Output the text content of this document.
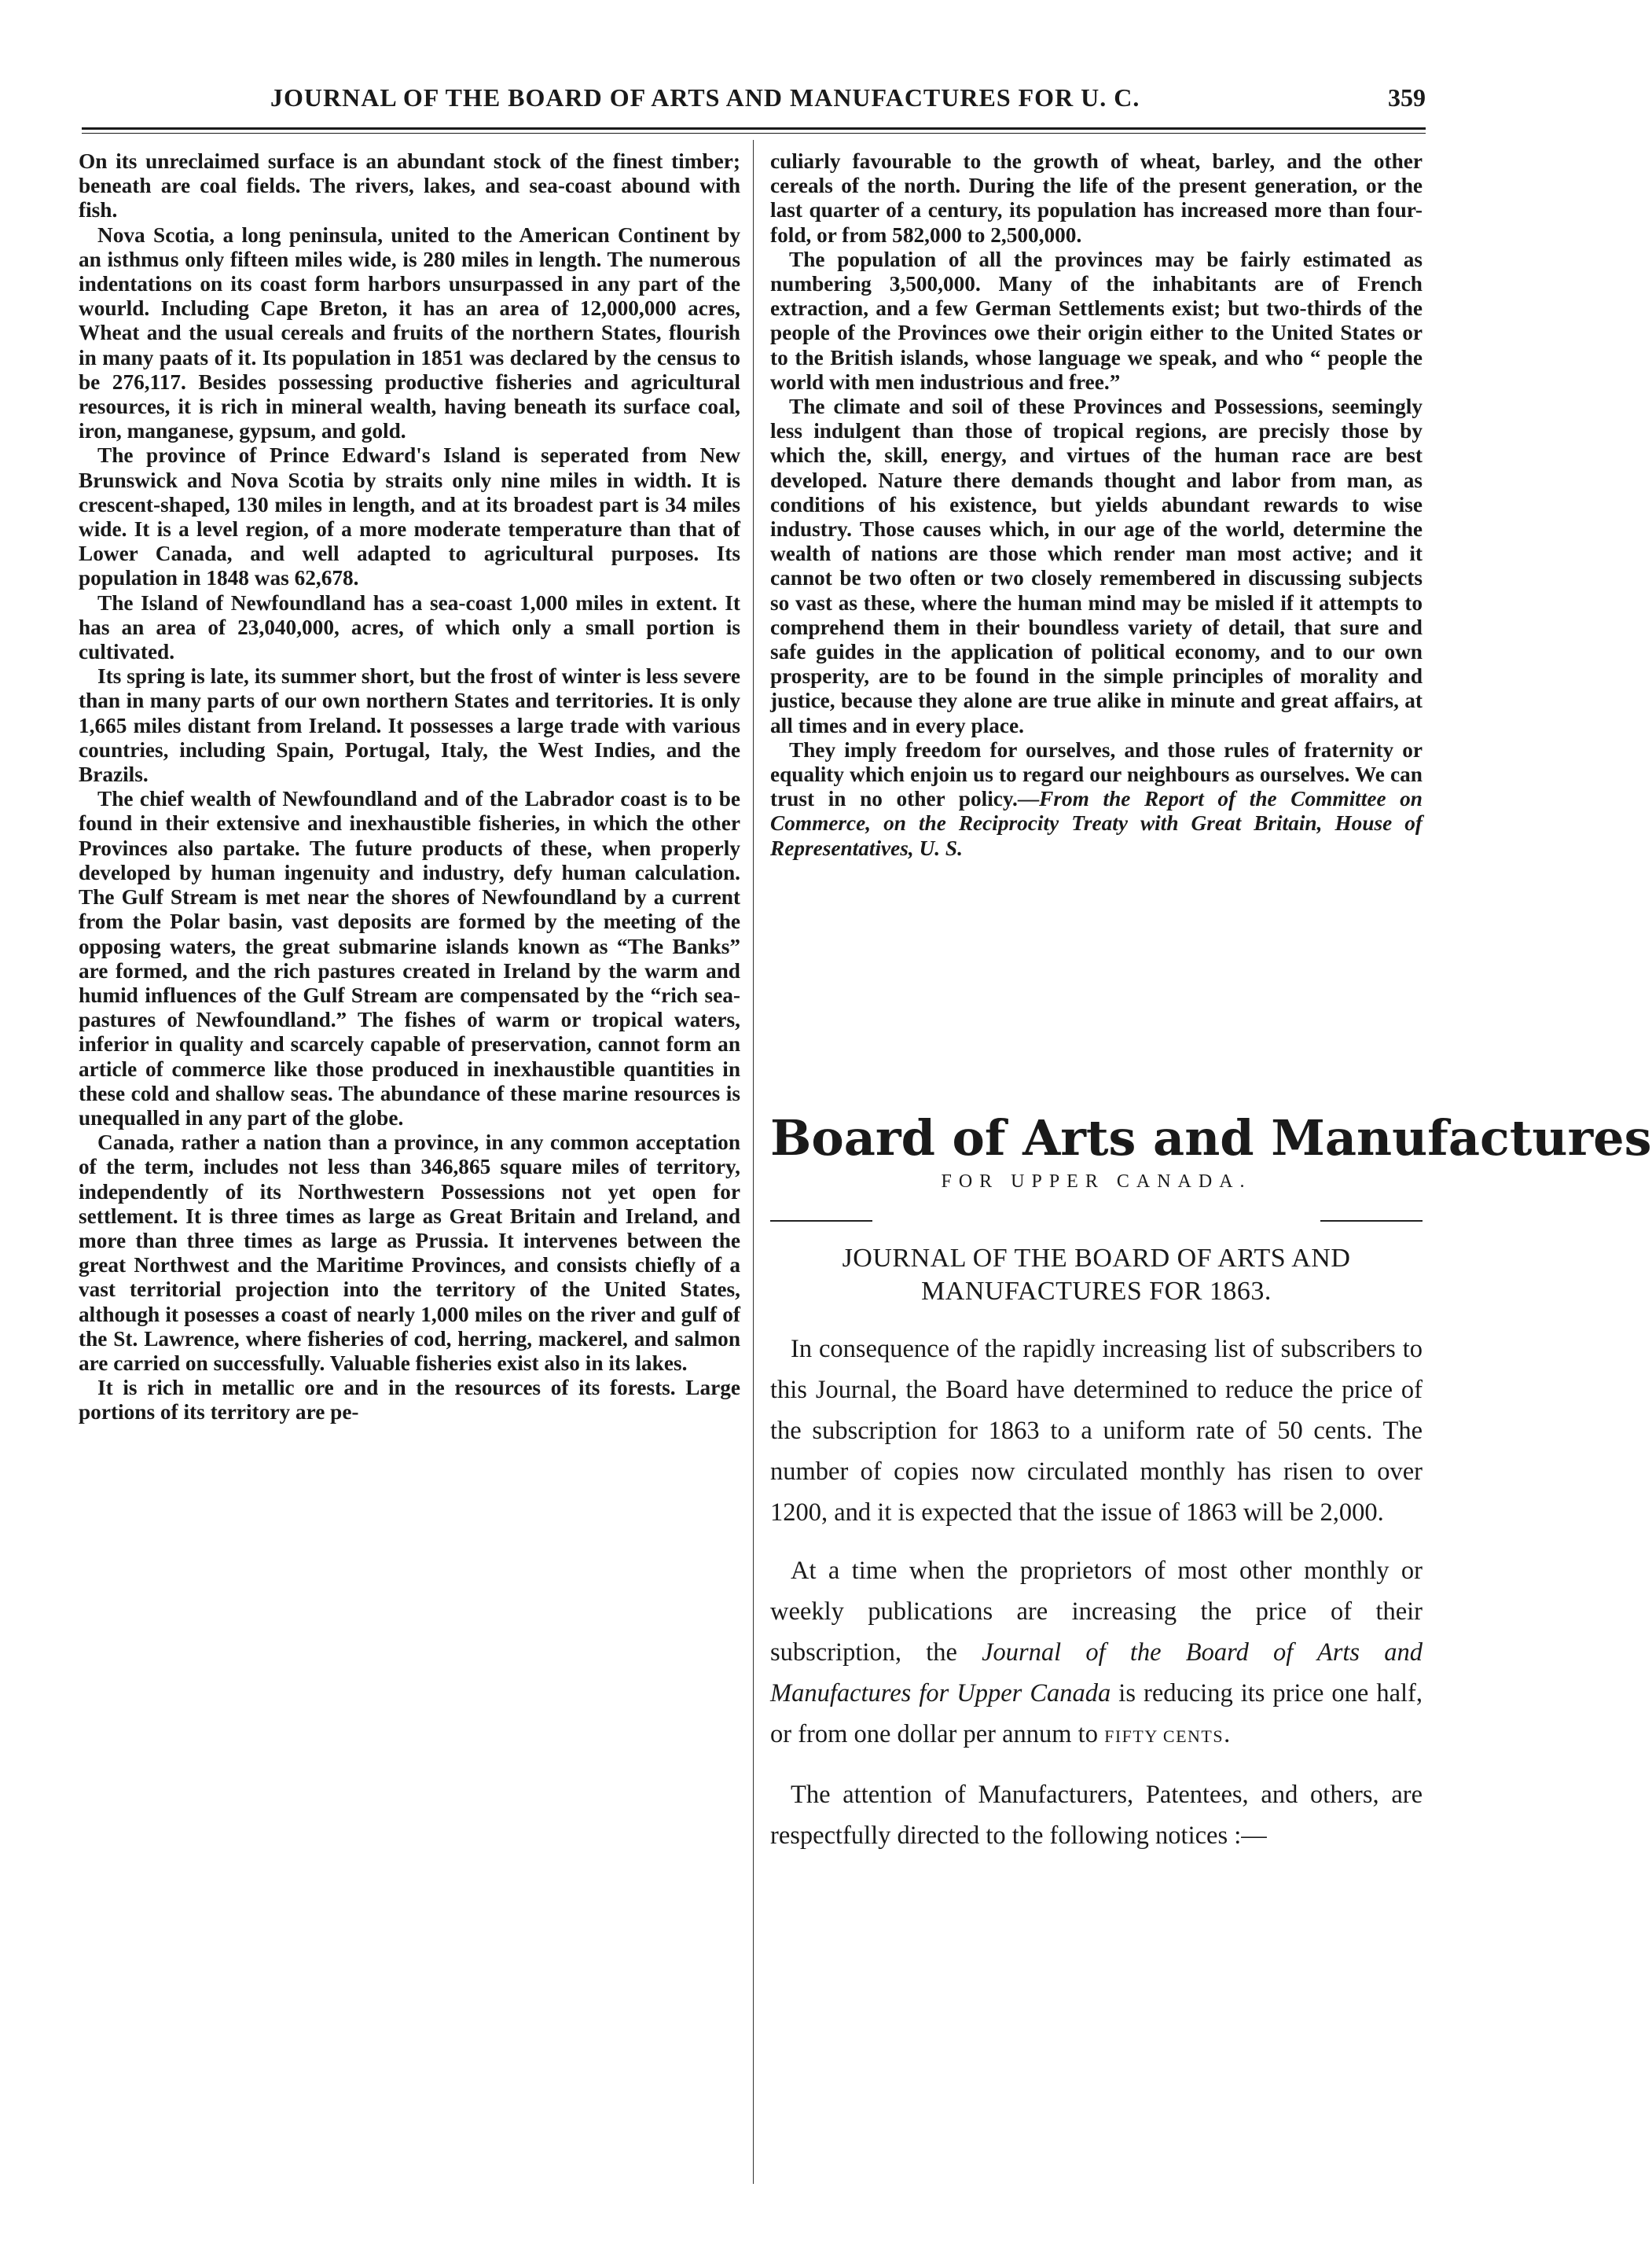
JOURNAL OF THE BOARD OF ARTS AND MANUFACTURES FOR U. C.	359

On its unreclaimed surface is an abundant stock of the finest timber; beneath are coal fields. The rivers, lakes, and sea-coast abound with fish.

Nova Scotia, a long peninsula, united to the American Continent by an isthmus only fifteen miles wide, is 280 miles in length. The numerous indentations on its coast form harbors unsurpassed in any part of the wourld. Including Cape Breton, it has an area of 12,000,000 acres, Wheat and the usual cereals and fruits of the northern States, flourish in many paats of it. Its population in 1851 was declared by the census to be 276,117. Besides possessing productive fisheries and agricultural resources, it is rich in mineral wealth, having beneath its surface coal, iron, manganese, gypsum, and gold.

The province of Prince Edward's Island is seperated from New Brunswick and Nova Scotia by straits only nine miles in width. It is crescent-shaped, 130 miles in length, and at its broadest part is 34 miles wide. It is a level region, of a more moderate temperature than that of Lower Canada, and well adapted to agricultural purposes. Its population in 1848 was 62,678.

The Island of Newfoundland has a sea-coast 1,000 miles in extent. It has an area of 23,040,000, acres, of which only a small portion is cultivated.

Its spring is late, its summer short, but the frost of winter is less severe than in many parts of our own northern States and territories. It is only 1,665 miles distant from Ireland. It possesses a large trade with various countries, including Spain, Portugal, Italy, the West Indies, and the Brazils.

The chief wealth of Newfoundland and of the Labrador coast is to be found in their extensive and inexhaustible fisheries, in which the other Provinces also partake. The future products of these, when properly developed by human ingenuity and industry, defy human calculation. The Gulf Stream is met near the shores of Newfoundland by a current from the Polar basin, vast deposits are formed by the meeting of the opposing waters, the great submarine islands known as “The Banks” are formed, and the rich pastures created in Ireland by the warm and humid influences of the Gulf Stream are compensated by the “rich sea-pastures of Newfoundland.” The fishes of warm or tropical waters, inferior in quality and scarcely capable of preservation, cannot form an article of commerce like those produced in inexhaustible quantities in these cold and shallow seas. The abundance of these marine resources is unequalled in any part of the globe.

Canada, rather a nation than a province, in any common acceptation of the term, includes not less than 346,865 square miles of territory, independently of its Northwestern Possessions not yet open for settlement. It is three times as large as Great Britain and Ireland, and more than three times as large as Prussia. It intervenes between the great Northwest and the Maritime Provinces, and consists chiefly of a vast territorial projection into the territory of the United States, although it posesses a coast of nearly 1,000 miles on the river and gulf of the St. Lawrence, where fisheries of cod, herring, mackerel, and salmon are carried on successfully. Valuable fisheries exist also in its lakes.

It is rich in metallic ore and in the resources of its forests. Large portions of its territory are pe-

culiarly favourable to the growth of wheat, barley, and the other cereals of the north. During the life of the present generation, or the last quarter of a century, its population has increased more than four-fold, or from 582,000 to 2,500,000.

The population of all the provinces may be fairly estimated as numbering 3,500,000. Many of the inhabitants are of French extraction, and a few German Settlements exist; but two-thirds of the people of the Provinces owe their origin either to the United States or to the British islands, whose language we speak, and who “ people the world with men industrious and free.”

The climate and soil of these Provinces and Possessions, seemingly less indulgent than those of tropical regions, are precisly those by which the, skill, energy, and virtues of the human race are best developed. Nature there demands thought and labor from man, as conditions of his existence, but yields abundant rewards to wise industry. Those causes which, in our age of the world, determine the wealth of nations are those which render man most active; and it cannot be two often or two closely remembered in discussing subjects so vast as these, where the human mind may be misled if it attempts to comprehend them in their boundless variety of detail, that sure and safe guides in the application of political economy, and to our own prosperity, are to be found in the simple principles of morality and justice, because they alone are true alike in minute and great affairs, at all times and in every place.

They imply freedom for ourselves, and those rules of fraternity or equality which enjoin us to regard our neighbours as ourselves. We can trust in no other policy.—From the Report of the Committee on Commerce, on the Reciprocity Treaty with Great Britain, House of Representatives, U. S.

Board of Arts and Manufactures
FOR UPPER CANADA.
JOURNAL OF THE BOARD OF ARTS AND
MANUFACTURES FOR 1863.

In consequence of the rapidly increasing list of subscribers to this Journal, the Board have determined to reduce the price of the subscription for 1863 to a uniform rate of 50 cents. The number of copies now circulated monthly has risen to over 1200, and it is expected that the issue of 1863 will be 2,000.

At a time when the proprietors of most other monthly or weekly publications are increasing the price of their subscription, the Journal of the Board of Arts and Manufactures for Upper Canada is reducing its price one half, or from one dollar per annum to FIFTY CENTS.

The attention of Manufacturers, Patentees, and others, are respectfully directed to the following notices :—
